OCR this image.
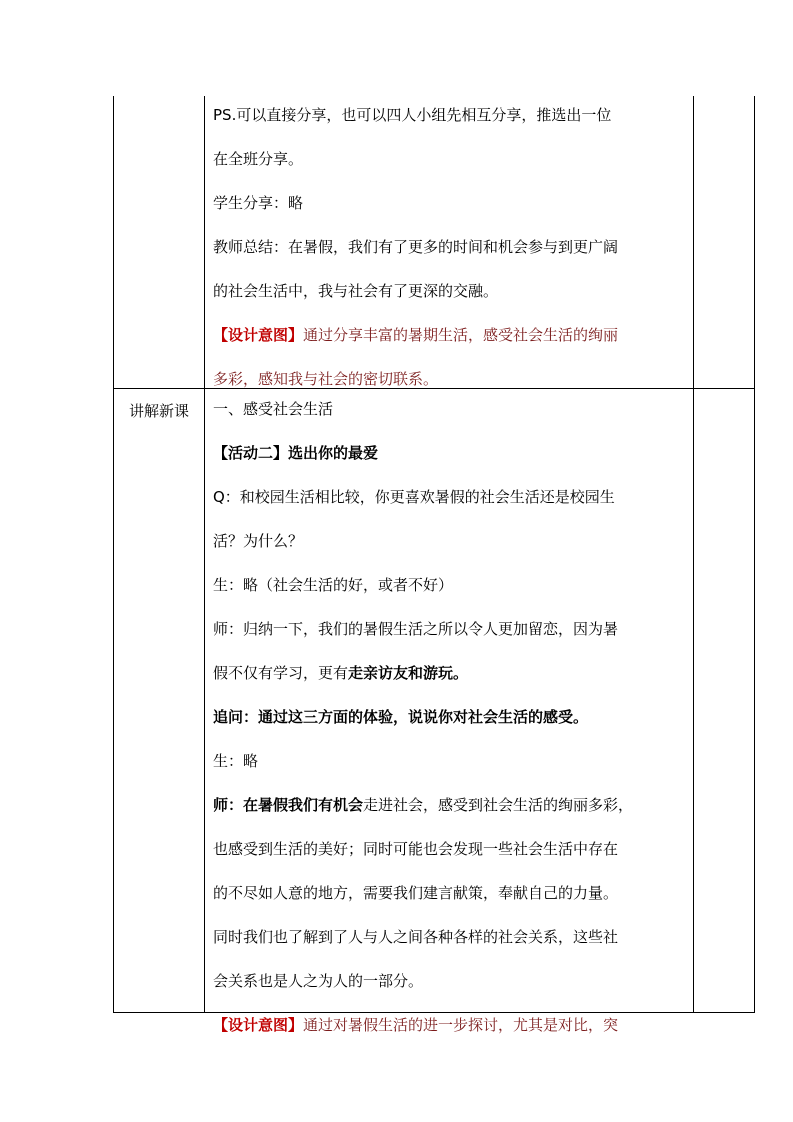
PS.可以直接分享，也可以四人小组先相互分享，推选出一位

在全班分享。

学生分享：略

教师总结：在暑假，我们有了更多的时间和机会参与到更广阔

的社会生活中，我与社会有了更深的交融。

【设计意图】通过分享丰富的暑期生活，感受社会生活的绚丽

多彩，感知我与社会的密切联系。

讲解新课	一、感受社会生活

【活动二】选出你的最爱

Q：和校园生活相比较，你更喜欢暑假的社会生活还是校园生

活？为什么？

生：略（社会生活的好，或者不好）

师：归纳一下，我们的暑假生活之所以令人更加留恋，因为暑

假不仅有学习，更有走亲访友和游玩。

追问：通过这三方面的体验，说说你对社会生活的感受。

生：略

师：在暑假我们有机会走进社会，感受到社会生活的绚丽多彩，

也感受到生活的美好；同时可能也会发现一些社会生活中存在

的不尽如人意的地方，需要我们建言献策，奉献自己的力量。

同时我们也了解到了人与人之间各种各样的社会关系，这些社

会关系也是人之为人的一部分。

【设计意图】通过对暑假生活的进一步探讨，尤其是对比，突
